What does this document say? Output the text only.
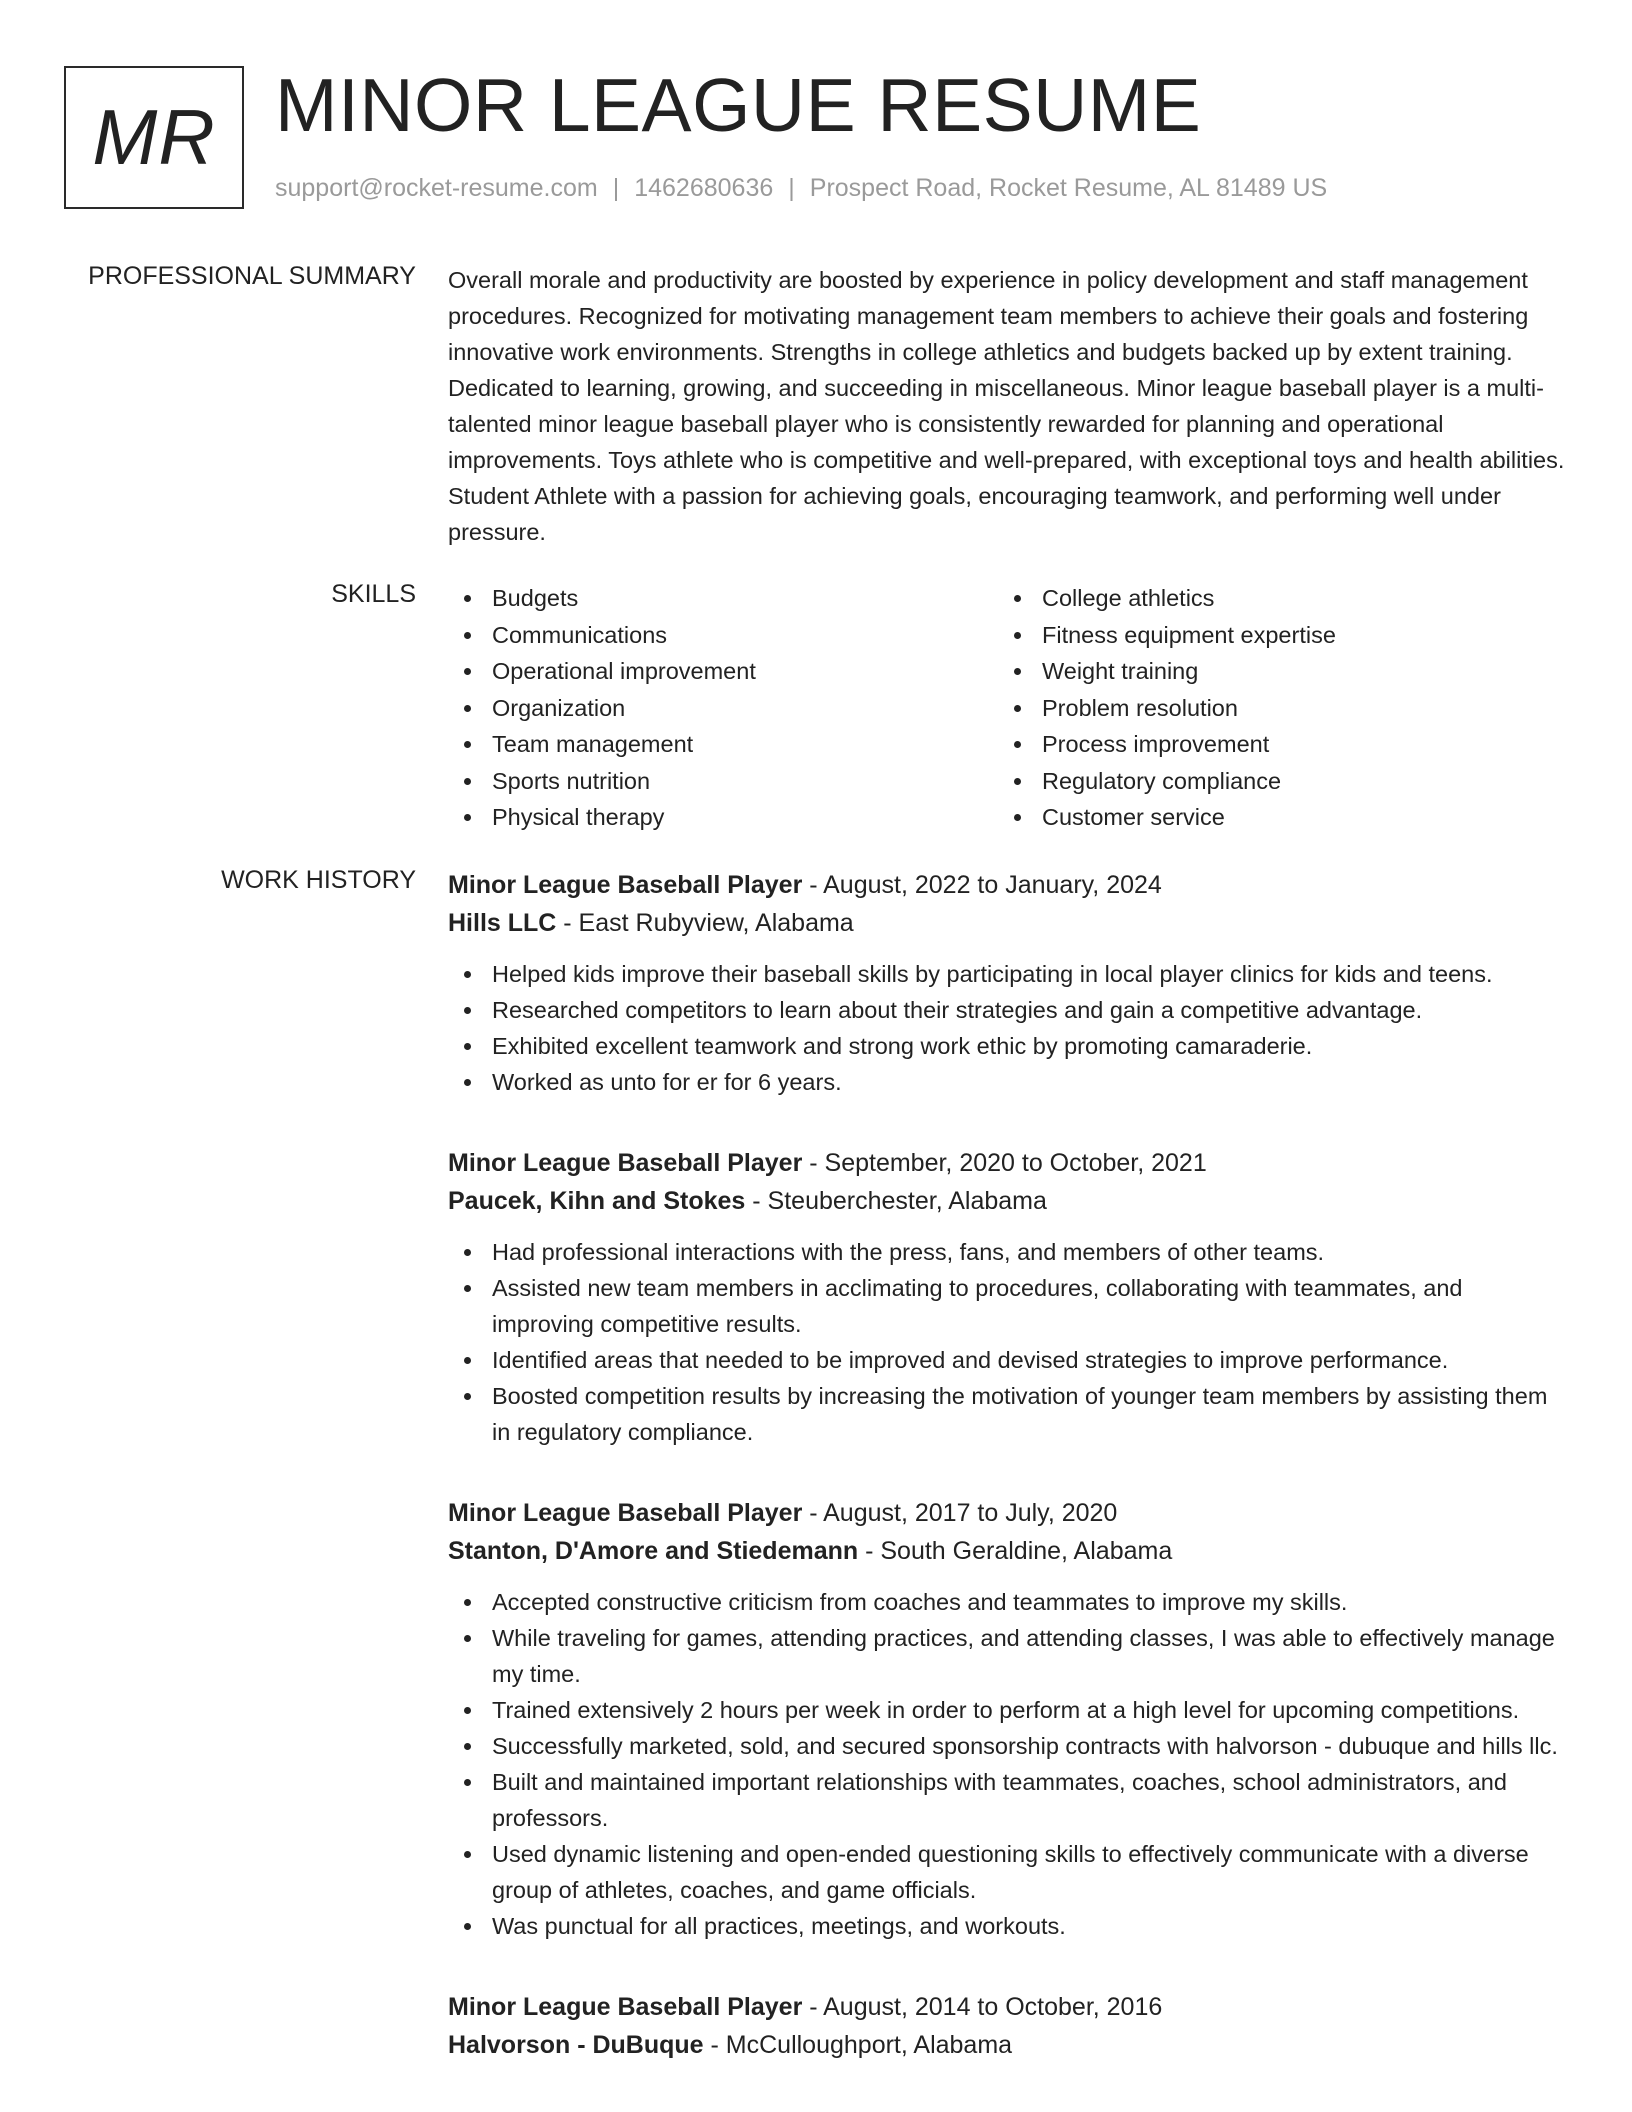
MR MINOR LEAGUE RESUME
support@rocket-resume.com | 1462680636 | Prospect Road, Rocket Resume, AL 81489 US
PROFESSIONAL SUMMARY Overall morale and productivity are boosted by experience in policy development and staff management procedures. Recognized for motivating management team members to achieve their goals and fostering innovative work environments. Strengths in college athletics and budgets backed up by extent training. Dedicated to learning, growing, and succeeding in miscellaneous. Minor league baseball player is a multi-talented minor league baseball player who is consistently rewarded for planning and operational improvements. Toys athlete who is competitive and well-prepared, with exceptional toys and health abilities. Student Athlete with a passion for achieving goals, encouraging teamwork, and performing well under pressure.

SKILLS	Budgets
Communications
Operational improvement
Organization
Team management
Sports nutrition
Physical therapy
College athletics
Fitness equipment expertise
Weight training
Problem resolution
Process improvement
Regulatory compliance
Customer service
WORK HISTORY Minor League Baseball Player - August, 2022 to January, 2024
Hills LLC - East Rubyview, Alabama
Helped kids improve their baseball skills by participating in local player clinics for kids and teens.
Researched competitors to learn about their strategies and gain a competitive advantage.
Exhibited excellent teamwork and strong work ethic by promoting camaraderie.
Worked as unto for er for 6 years.
Minor League Baseball Player - September, 2020 to October, 2021
Paucek, Kihn and Stokes - Steuberchester, Alabama
Had professional interactions with the press, fans, and members of other teams.
Assisted new team members in acclimating to procedures, collaborating with teammates, and improving competitive results.
Identified areas that needed to be improved and devised strategies to improve performance.
Boosted competition results by increasing the motivation of younger team members by assisting them in regulatory compliance.
Minor League Baseball Player - August, 2017 to July, 2020
Stanton, D'Amore and Stiedemann - South Geraldine, Alabama
Accepted constructive criticism from coaches and teammates to improve my skills.
While traveling for games, attending practices, and attending classes, I was able to effectively manage my time.
Trained extensively 2 hours per week in order to perform at a high level for upcoming competitions.
Successfully marketed, sold, and secured sponsorship contracts with halvorson - dubuque and hills llc.
Built and maintained important relationships with teammates, coaches, school administrators, and professors.
Used dynamic listening and open-ended questioning skills to effectively communicate with a diverse group of athletes, coaches, and game officials.
Was punctual for all practices, meetings, and workouts.
Minor League Baseball Player - August, 2014 to October, 2016
Halvorson - DuBuque - McCulloughport, Alabama
